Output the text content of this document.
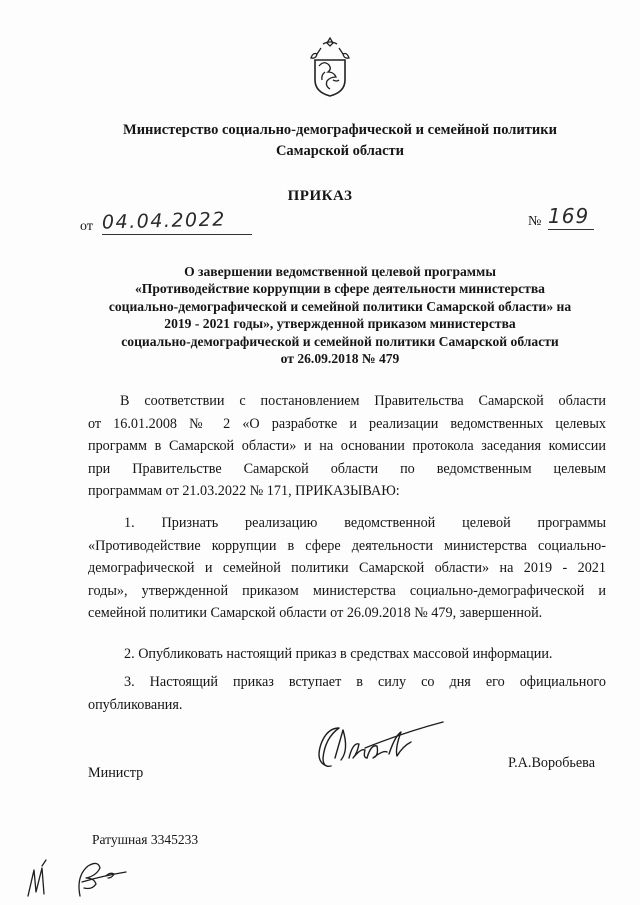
Министерство социально-демографической и семейной политики
Самарской области
ПРИКАЗ
от 04.04.2022	№ 169
О завершении ведомственной целевой программы
«Противодействие коррупции в сфере деятельности министерства
социально-демографической и семейной политики Самарской области» на
2019 - 2021 годы», утвержденной приказом министерства
социально-демографической и семейной политики Самарской области
от 26.09.2018 № 479
В соответствии с постановлением Правительства Самарской области
от 16.01.2008 № 2 «О разработке и реализации ведомственных целевых
программ в Самарской области» и на основании протокола заседания комиссии
при Правительстве Самарской области по ведомственным целевым
программам от 21.03.2022 № 171, ПРИКАЗЫВАЮ:
1. Признать реализацию ведомственной целевой программы
«Противодействие коррупции в сфере деятельности министерства социально-
демографической и семейной политики Самарской области» на 2019 - 2021
годы», утвержденной приказом министерства социально-демографической и
семейной политики Самарской области от 26.09.2018 № 479, завершенной.
2. Опубликовать настоящий приказ в средствах массовой информации.
3. Настоящий приказ вступает в силу со дня его официального
опубликования.
Министр
Р.А.Воробьева
Ратушная 3345233
